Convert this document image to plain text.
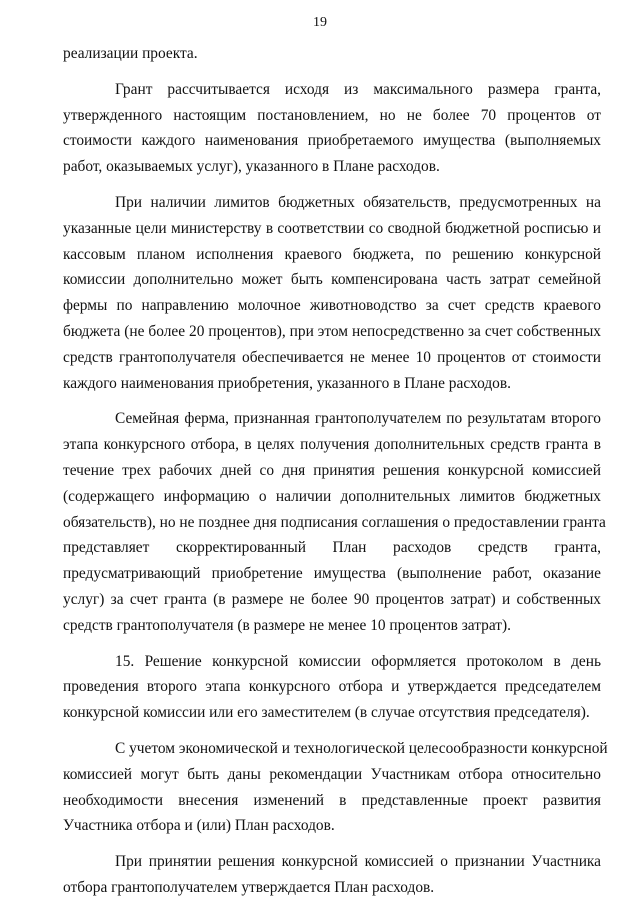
19
реализации проекта.
Грант рассчитывается исходя из максимального размера гранта,
утвержденного настоящим постановлением, но не более 70 процентов от
стоимости каждого наименования приобретаемого имущества (выполняемых
работ, оказываемых услуг), указанного в Плане расходов.
При наличии лимитов бюджетных обязательств, предусмотренных на
указанные цели министерству в соответствии со сводной бюджетной росписью и
кассовым планом исполнения краевого бюджета, по решению конкурсной
комиссии дополнительно может быть компенсирована часть затрат семейной
фермы по направлению молочное животноводство за счет средств краевого
бюджета (не более 20 процентов), при этом непосредственно за счет собственных
средств грантополучателя обеспечивается не менее 10 процентов от стоимости
каждого наименования приобретения, указанного в Плане расходов.
Семейная ферма, признанная грантополучателем по результатам второго
этапа конкурсного отбора, в целях получения дополнительных средств гранта в
течение трех рабочих дней со дня принятия решения конкурсной комиссией
(содержащего информацию о наличии дополнительных лимитов бюджетных
обязательств), но не позднее дня подписания соглашения о предоставлении гранта
представляет скорректированный План расходов средств гранта,
предусматривающий приобретение имущества (выполнение работ, оказание
услуг) за счет гранта (в размере не более 90 процентов затрат) и собственных
средств грантополучателя (в размере не менее 10 процентов затрат).
15. Решение конкурсной комиссии оформляется протоколом в день
проведения второго этапа конкурсного отбора и утверждается председателем
конкурсной комиссии или его заместителем (в случае отсутствия председателя).
С учетом экономической и технологической целесообразности конкурсной
комиссией могут быть даны рекомендации Участникам отбора относительно
необходимости внесения изменений в представленные проект развития
Участника отбора и (или) План расходов.
При принятии решения конкурсной комиссией о признании Участника
отбора грантополучателем утверждается План расходов.
